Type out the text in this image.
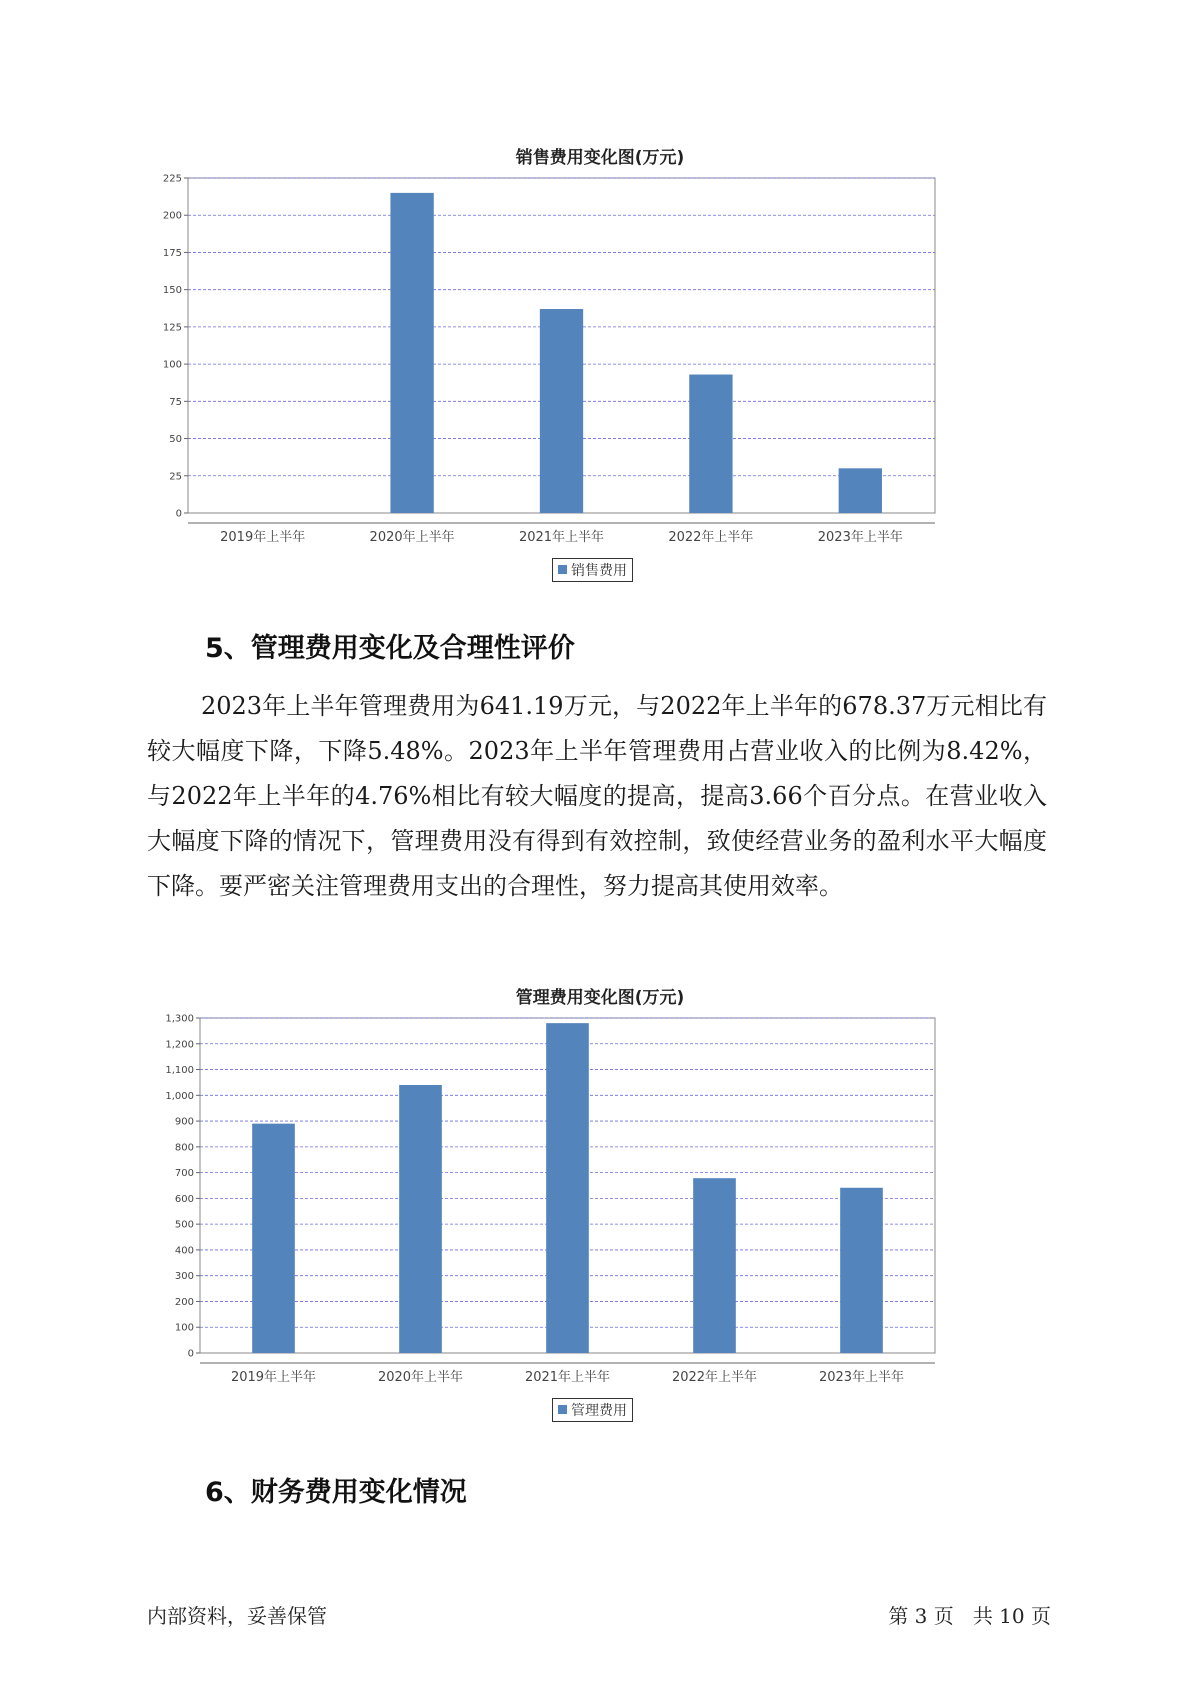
销售费用变化图(万元)
0
25
50
75
100
125
150
175
200
225
2019年上半年	2020年上半年	2021年上半年	2022年上半年	2023年上半年
销售费用
5、管理费用变化及合理性评价

2023年上半年管理费用为641.19万元，与2022年上半年的678.37万元相比有较大幅度下降，下降5.48%。2023年上半年管理费用占营业收入的比例为8.42%，与2022年上半年的4.76%相比有较大幅度的提高，提高3.66个百分点。在营业收入大幅度下降的情况下，管理费用没有得到有效控制，致使经营业务的盈利水平大幅度下降。要严密关注管理费用支出的合理性，努力提高其使用效率。

管理费用变化图(万元)
0
100
200
300
400
500
600
700
800
900
1,000
1,100
1,200
1,300
2019年上半年	2020年上半年	2021年上半年	2022年上半年	2023年上半年
管理费用
6、财务费用变化情况
内部资料，妥善保管	第 3 页   共 10 页
